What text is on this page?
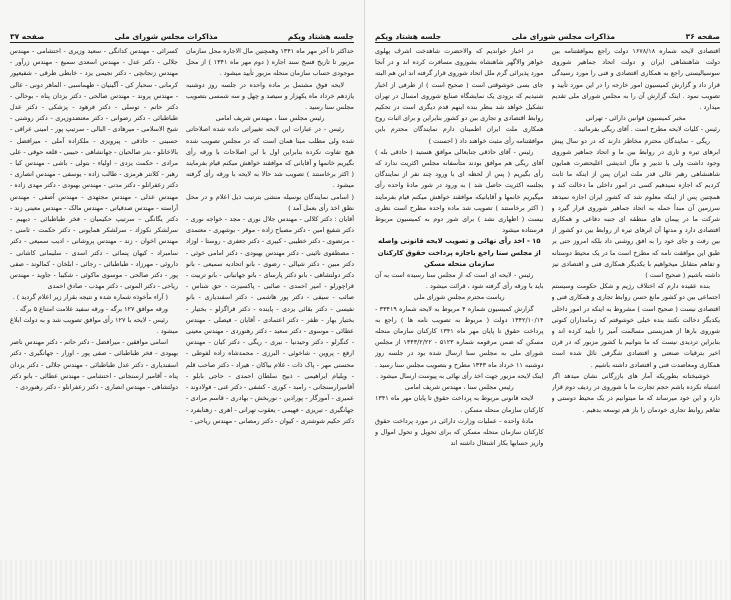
جلسه هشتاد ویکم
مذاکرات مجلس شورای ملی
صفحه ۳۷

حداکثر تا آخر مهر ماه ۱۳۴۱ وهمچنین مال الاجاره محل سازمان مزبور تا تاریخ فسخ سند اجاره ( دوم مهر ماه ۱۳۴۱ ) از محل موجودی حساب سازمان منحله مزبور تأیید میشود .

لایحه فوق مشتمل بر ماده واحده در جلسه روز دوشنبه یازدهم خرداد ماه یکهزار و سیصد و چهل و سه شمسی بتصویب مجلس سنا رسید .

رئیس مجلس سنا ، مهندس شریف امامی

رئیس - در عبارات این لایحه تغییراتی داده شده اصلاحاتی شده ولی مطلب مبنا همان است که در مجلس تصویب شده هیچ تفاوت نکرده بنابراین اول با این اصلاحات با ورقه رأی بگیریم خانمها و آقایانی که موافقند خواهش میکنم قیام بفرمایند ( اکثر برخاستند ) تصویب شد حالا به لایحه با ورقه رأی گرفته میشود .

( اسامی نمایندگان بوسیله منشی بترتیب ذیل اعلام و در محل نطق اخذ رأی بعمل آمد )

آقایان : دکتر کلالی - مهندس جلال نوری - مجد - خواجه نوری - دکتر شفیع امین - دکتر مصباح زاده - موقر - بوشهری - معتمدی - مرتضوی - دکتر خطیبی - کبیری - دکتر جعفری - روستا - اوزاد - مصطفوی نائینی - دکتر مهندس بهبودی - دکتر امامی خوئی - دکتر مبین - دکتر شیالی - رضوی - بانو اتحادیه سمیعی - بانو دکتر دولتشاهی - بانو دکتر پارسای - بانو جهانبانی - بانو تربیت - قراچورلو - امیر احمدی - صائبی - پاکسیرت - حق شناس - صائب - سیفی - دکتر پور هاشمی - دکتر اسفندیاری - بانو نفیسی - دکتر بقائی یزدی - پاینده - دکتر قراگزلو - بختیار - بختیار بهار - ظفر - دکتر اعتمادی - آقایان - فیصلی - مهندس عطائی - موسوی - دکتر سعید - دکتر رهنوردی - مهندس معینی - کنگرلو - دکتر وحیدنیا - نیری - ریگی - دکتر کیان - مهندس ارفع - پروین - شاخوئی - البرزی - محمدشاه زاده لفوطی - محسنی مهر - پاک ذات - غلام بیاکان - هیراد - دکتر صاحب قلم - ویلیام ابراهیمی - ذبیح سلطان احمدی - حاجی بابلو - آقامیرارسنجانی - رامبد - کوری - کشفی - دکتر غنی - فولادوند - عمیری - آموزگار - پورادین - نوربخش - بهادری - قاسم مرادی - جهانگیری - تبریزی - فهیمی - یعقوب تهرانی - اهری - زهتابفرد - دکتر حکیم شوشتری - کیوان - دکتر رمضانی - مهندس ریاحی -

کسرائی - مهندس کدانگی - سعید وزیری - احتشامی - مهندس جلالی - دکتر عدل - مهندس اسعدی سمیع - مهندس زرآور - مهندس زنجانچی - دکتر نجیمی یزد - خابطی طرقی - شفیعپور کرمانی - سحبار کی - آگینیان - طهماسبی - الماهر دونی - عالی - مهندس پروند - مهندس صالحی - دکتر یزدان پناه - بوحالی - دکتر حاتم - توسلی - دکتر فرهود - پزشکی - دکتر عدل طباطبائی - دکتر رضوانی - دکتر معتضدوزیری - دکتر روشنی - شیخ الاسلامی - میرهادی - البالی - سرتیپ پور - امینی عراقی - حسینی - حاذقی - پیرویزی - ملکزاده آملی - میرافضل - بالاخانلو - بدر صالحیان - جهانشاهی - حبیبی - قلعه حوقی - علی مرادی - حکمت یزدی - اولیاء - بتولی - باشی - مهندس کیا - رهبر - کلانتر هرمزی - طالب زاده - یوسفی - مهندس انصاری - دکتر زعفرانلو - دکتر مدنی - مهندس بهبودی - دکتر مهدی زاده - مهندس عدلی - مهندس مجتهدی - مهندس آصفی - مهندس آراسته - مهندس صدقیانی - مهندس مالک - مهندس معینی زند - دکتر یگانگی - سرتیپ حکیمیان - فخر طباطبائی - دیهیم - سرلشکر نکوزاد - سرلشکر همایونی - دکتر حکمت - ثامنی - مهندس اخوان - زند - مهندس پروشانی - ادیب سمیعی - دکتر سامبراد - کیهان پنمائی - دکتر اسدی - سلیمانی کاشانی - داروئی - مهرزاد - طباطبائی - رجائی - ابلخان - کمالوند - صفی پور - دکتر صالحی - موسوی ماکوئی - شکیبا - جاوید - مهندس ریاحی - دکتر الموتی - دکتر مهذب - صادق احمدی

( آراء مأخوذه شماره شده و نتیجه بقرار زیر اعلام گردید ) .

ورقه موافق ۱۲۷ برگه - ورقه سفید علامت امتناع ۵ برگه .

رئیس - لایحه با ۱۲۷ رأی موافق تصویب شد و به دولت ابلاغ میشود .

اسامی موافقین - میرافضل - دکتر حاتم - دکتر مهندس ناصر بهبودی - فخر طباطبائی - صفی پور - اوزار - جهانگیری - دکتر اسفندیاری - دکتر عدل طباطبائی - مهندس جلالی - دکتر یزدان پناه - آقامیر ارسنجانی - احتشامی - مهندس عطائی - بانو دکتر دولتشاهی - مهندس انصاری - دکتر زعفرانلو - دکتر رهنوردی -

صفحه ۳۶
مذاکرات مجلس شورای ملی
جلسه هشتاد ویکم

اقتصادی لایحه شماره ۱۶۷۸/۱۸ دولت راجع بموافقتنامه بین دولت شاهنشاهی ایران و دولت اتحاد جماهیر شوروی سوسیالیستی راجع به همکاری اقتصادی و فنی را مورد رسیدگی قرار داد و گزارش کمیسیون امور خارجه را در این مورد تأیید و تصویب نمود . اینک گزارش آن را به مجلس شورای ملی تقدیم میدارد .

مخبر کمیسیون قوانین دارائی - تهرانی

رئیس - کلیات لایحه مطرح است . آقای ریگی بفرمائید .

ریگی - نمایندگان محترم مخاطر دارند که در دو سال پیش ابرهای تیره و تاری در روابط بین ما و اتحاد جماهیر شوروی وجود داشت ولی با تدبیر و مآل اندیشی اعلیحضرت همایون شاهنشاهی رهبر عالی قدر ملت ایران پس از اینکه ما ثابت کردیم که اجازه نمیدهیم کسی در امور داخلی ما دخالت کند و همچنین پس از اینکه معلوم شد که کشور ایران اجازه نمیدهد سرزمین آن مبدأ حمله به اتحاد جماهیر شوروی قرار گیرد و شرکت ما در پیمان های منطقه ای جنبه دفاعی و همکاری اقتصادی دارد و مدتها آن ابرهای تیره از روابط بین دو کشور از بین رفت و جای خود را به افق روشنی داد بلکه امروز حتی بر طبق این موافقت نامه که مطرح است ما در یک محیط دوستانه و تفاهم متقابل میخواهیم با یکدیگر همکاری فنی و اقتصادی نیز داشته باشیم ( صحیح است )

بنده عقیده دارم که اختلاف رژیم و شکل حکومت وسیستم اجتماعی بین دو کشور مانع حسن روابط تجاری و همکاری فنی و اقتصادی نیست ( صحیح است ) مشروط به اینکه در امور داخلی یکدیگر دخالت نکنند بنده خیلی خوشوقتم که زمامداران کنونی شوروی بارها از همزیستی مسالمت آمیز را تأیید کرده اند و بنابراین تردیدی نیست که ما بتوانیم با کشور مزبور که در قرن اخیر بترقیات صنعتی و اقتصادی شگرفی نائل شده است همکاری ومعاضدت فنی و اقتصادی داشته باشیم .

خوشبختانه بطوریکه آمار های بازرگانی نشان میدهد اگر اشتباه نکرده باشم حجم تجارت ما با شوروی در ردیف دوم قرار دارد و این خود میرساند که ما میتوانیم در یک محیط دوستی و تفاهم روابط تجاری خودمان را باز هم توسعه بدهیم .

در اخبار خواندیم که والاحضرت شاهدخت اشرف پهلوی خواهر والاگهر شاهنشاه بشوروی مسافرت کرده اند و در آنجا مورد پذیرائی گرم ملل اتحاد شوروی قرار گرفته اند این هم البته جای بسی خوشوقتی است ( صحیح است ) از طرفی از اخبار شنیدیم که بزودی یک نمایشگاه صنایع شوروی امسال در تهران تشکیل خواهد شد بنظر بنده اینهم قدم دیگری است در تحکیم روابط اقتصادی و تجاری بین دو کشور بنابراین و برای اثبات روح همکاری ملت ایران اطمینان دارم نمایندگان محترم باین موافقتنامه رأی مثبت خواهند داد ( احسنت )

رئیس - آقای حاذقی جنابعالی موافق هستید ( حاذقی بله ) آقای ریگی هم موافق بودند متأسفانه مجلس اکثریت ندارد که رأی بگیریم ( پس از لحظه ای با ورود چند نفر از نمایندگان بجلسه اکثریت حاصل شد ) به ورود در شور مادۀ واحده رأی میگیریم خانمها و آقایانیکه موافقند خواهش میکنم قیام بفرمایند ( اکثر برخاستند ) تصویب شد ماده واحده مطرح است نظری نیست ( اظهاری نشد ) برای شور دوم به کمیسیون مربوط فرستاده میشود

۱۵ - اخذ رأی نهائی و تصویب لایحه قانونی واصله از مجلس سنا راجع باجازه پرداخت حقوق کارکنان سازمان منحله مسکن

رئیس - لایحه ای است که از مجلس سنا رسیده است به آن باید با ورقه رأی گرفته شود ، قرائت میشود .

ریاست محترم مجلس شورای ملی

گزارش کمیسیون شماره ۴ مربوط به لایحه شماره ۳۳۴۱۹ - ۱۳۴۲/۱۰/۱۴ دولت ( مربوط به تصویب نامه ها ) راجع به پرداخت حقوق تا پایان مهر ماه ۱۳۴۱ کارکنان سازمان منحله مسکن که ضمن مرقومه شماره ۵۱۲۳ - ۱۳۴۳/۲/۲۲ از مجلس شورای ملی به مجلس سنا ارسال شده بود در جلسه روز دوشنبه ۱۱ خرداد ماه ۱۳۴۳ مطرح و بتصویب مجلس سنا رسید . اینک لایحه مزبور جهت اخذ رأی نهائی به پیوست ارسال میشود .

رئیس مجلس سنا ، مهندس شریف امامی

لایحه قانونی مربوط به پرداخت حقوق تا پایان مهر ماه ۱۳۴۱ کارکنان سازمان منحله مسکن .

مادۀ واحده - عملیات وزارت دارائی در مورد پرداخت حقوق کارکنان سازمان منحله مسکن که برای تحویل و تحول اموال و واریز حسابها بکار اشتغال داشته اند
